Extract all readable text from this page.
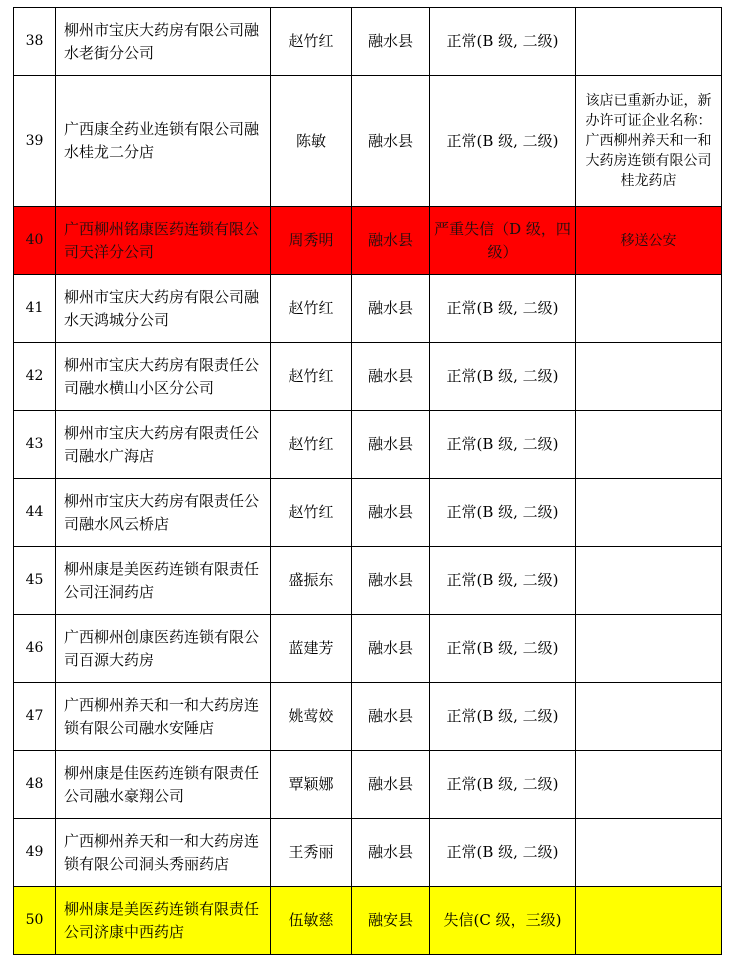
38	柳州市宝庆大药房有限公司融水老街分公司	赵竹红	融水县	正常(B 级, 二级)	
39	广西康全药业连锁有限公司融水桂龙二分店	陈敏	融水县	正常(B 级, 二级)	该店已重新办证，新办许可证企业名称：广西柳州养天和一和大药房连锁有限公司桂龙药店
40	广西柳州铭康医药连锁有限公司天洋分公司	周秀明	融水县	严重失信（D 级，四级）	移送公安
41	柳州市宝庆大药房有限公司融水天鸿城分公司	赵竹红	融水县	正常(B 级, 二级)	
42	柳州市宝庆大药房有限责任公司融水横山小区分公司	赵竹红	融水县	正常(B 级, 二级)	
43	柳州市宝庆大药房有限责任公司融水广海店	赵竹红	融水县	正常(B 级, 二级)	
44	柳州市宝庆大药房有限责任公司融水风云桥店	赵竹红	融水县	正常(B 级, 二级)	
45	柳州康是美医药连锁有限责任公司汪洞药店	盛振东	融水县	正常(B 级, 二级)	
46	广西柳州创康医药连锁有限公司百源大药房	蓝建芳	融水县	正常(B 级, 二级)	
47	广西柳州养天和一和大药房连锁有限公司融水安陲店	姚莺姣	融水县	正常(B 级, 二级)	
48	柳州康是佳医药连锁有限责任公司融水豪翔公司	覃颖娜	融水县	正常(B 级, 二级)	
49	广西柳州养天和一和大药房连锁有限公司洞头秀丽药店	王秀丽	融水县	正常(B 级, 二级)	
50	柳州康是美医药连锁有限责任公司济康中西药店	伍敏慈	融安县	失信(C 级，三级)	
